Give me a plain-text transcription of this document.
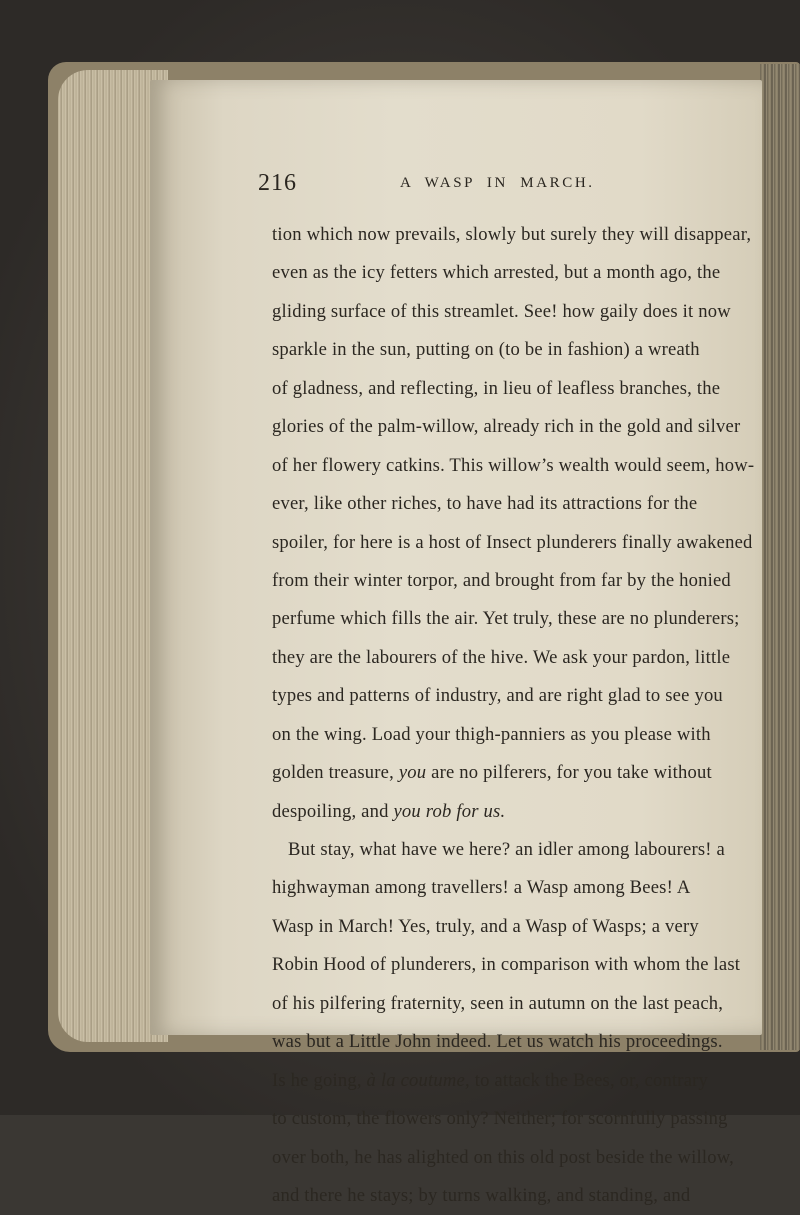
216	A WASP IN MARCH.
tion which now prevails, slowly but surely they will disappear,
even as the icy fetters which arrested, but a month ago, the
gliding surface of this streamlet. See! how gaily does it now
sparkle in the sun, putting on (to be in fashion) a wreath
of gladness, and reflecting, in lieu of leafless branches, the
glories of the palm-willow, already rich in the gold and silver
of her flowery catkins. This willow’s wealth would seem, how-
ever, like other riches, to have had its attractions for the
spoiler, for here is a host of Insect plunderers finally awakened
from their winter torpor, and brought from far by the honied
perfume which fills the air. Yet truly, these are no plunderers;
they are the labourers of the hive. We ask your pardon, little
types and patterns of industry, and are right glad to see you
on the wing. Load your thigh-panniers as you please with
golden treasure, you are no pilferers, for you take without
despoiling, and you rob for us.
But stay, what have we here? an idler among labourers! a
highwayman among travellers! a Wasp among Bees! A
Wasp in March! Yes, truly, and a Wasp of Wasps; a very
Robin Hood of plunderers, in comparison with whom the last
of his pilfering fraternity, seen in autumn on the last peach,
was but a Little John indeed. Let us watch his proceedings.
Is he going, à la coutume, to attack the Bees, or, contrary
to custom, the flowers only? Neither; for scornfully passing
over both, he has alighted on this old post beside the willow,
and there he stays; by turns walking, and standing, and
